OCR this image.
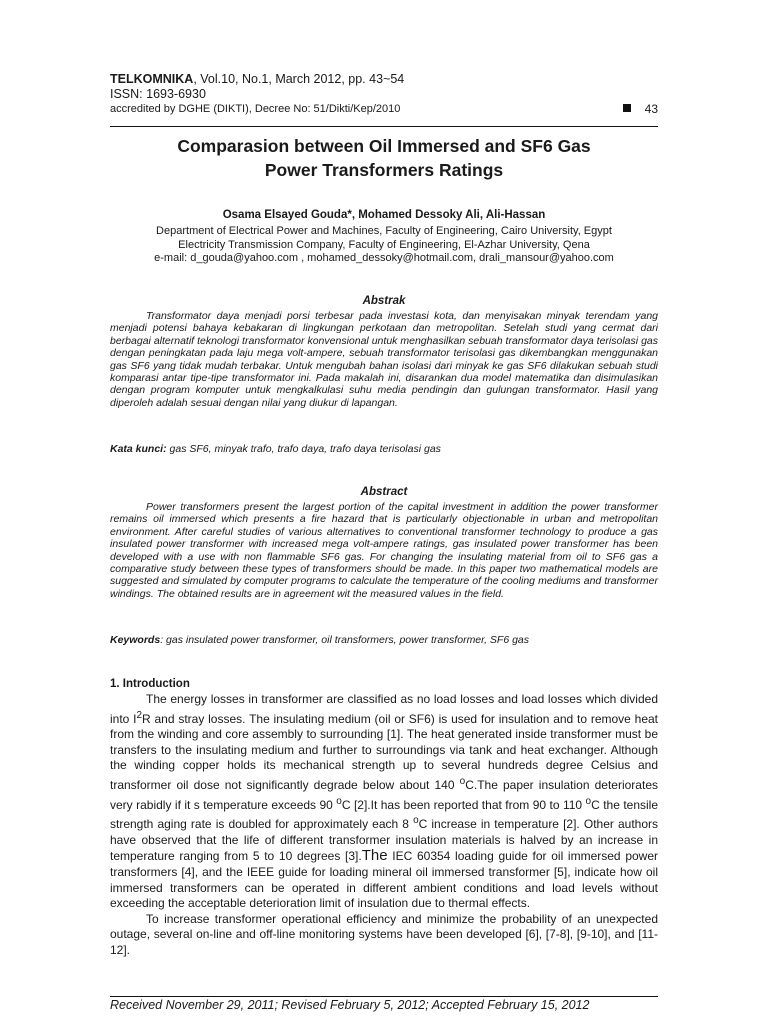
TELKOMNIKA, Vol.10, No.1, March 2012, pp. 43~54
ISSN: 1693-6930
accredited by DGHE (DIKTI), Decree No: 51/Dikti/Kep/2010	43
Comparasion between Oil Immersed and SF6 Gas
Power Transformers Ratings
Osama Elsayed Gouda*, Mohamed Dessoky Ali, Ali-Hassan
Department of Electrical Power and Machines, Faculty of Engineering, Cairo University, Egypt
Electricity Transmission Company, Faculty of Engineering, El-Azhar University, Qena
e-mail: d_gouda@yahoo.com , mohamed_dessoky@hotmail.com, drali_mansour@yahoo.com
Abstrak

Transformator daya menjadi porsi terbesar pada investasi kota, dan menyisakan minyak terendam yang menjadi potensi bahaya kebakaran di lingkungan perkotaan dan metropolitan. Setelah studi yang cermat dari berbagai alternatif teknologi transformator konvensional untuk menghasilkan sebuah transformator daya terisolasi gas dengan peningkatan pada laju mega volt-ampere, sebuah transformator terisolasi gas dikembangkan menggunakan gas SF6 yang tidak mudah terbakar. Untuk mengubah bahan isolasi dari minyak ke gas SF6 dilakukan sebuah studi komparasi antar tipe-tipe transformator ini. Pada makalah ini, disarankan dua model matematika dan disimulasikan dengan program komputer untuk mengkalkulasi suhu media pendingin dan gulungan transformator. Hasil yang diperoleh adalah sesuai dengan nilai yang diukur di lapangan.

Kata kunci: gas SF6, minyak trafo, trafo daya, trafo daya terisolasi gas
Abstract

Power transformers present the largest portion of the capital investment in addition the power transformer remains oil immersed which presents a fire hazard that is particularly objectionable in urban and metropolitan environment. After careful studies of various alternatives to conventional transformer technology to produce a gas insulated power transformer with increased mega volt-ampere ratings, gas insulated power transformer has been developed with a use with non flammable SF6 gas. For changing the insulating material from oil to SF6 gas a comparative study between these types of transformers should be made. In this paper two mathematical models are suggested and simulated by computer programs to calculate the temperature of the cooling mediums and transformer windings. The obtained results are in agreement wit the measured values in the field.

Keywords: gas insulated power transformer, oil transformers, power transformer, SF6 gas
1. Introduction

The energy losses in transformer are classified as no load losses and load losses which divided into $I^2R$ and stray losses. The insulating medium (oil or SF6) is used for insulation and to remove heat from the winding and core assembly to surrounding [1]. The heat generated inside transformer must be transfers to the insulating medium and further to surroundings via tank and heat exchanger. Although the winding copper holds its mechanical strength up to several hundreds degree Celsius and transformer oil dose not significantly degrade below about 140 $^o$C.The paper insulation deteriorates very rabidly if it s temperature exceeds 90 $^o$C [2].It has been reported that from 90 to 110 $^o$C the tensile strength aging rate is doubled for approximately each 8 $^o$C increase in temperature [2]. Other authors have observed that the life of different transformer insulation materials is halved by an increase in temperature ranging from 5 to 10 degrees [3].The IEC 60354 loading guide for oil immersed power transformers [4], and the IEEE guide for loading mineral oil immersed transformer [5], indicate how oil immersed transformers can be operated in different ambient conditions and load levels without exceeding the acceptable deterioration limit of insulation due to thermal effects.

To increase transformer operational efficiency and minimize the probability of an unexpected outage, several on-line and off-line monitoring systems have been developed [6], [7-8], [9-10], and [11-12].

Received November 29, 2011; Revised February 5, 2012; Accepted February 15, 2012
